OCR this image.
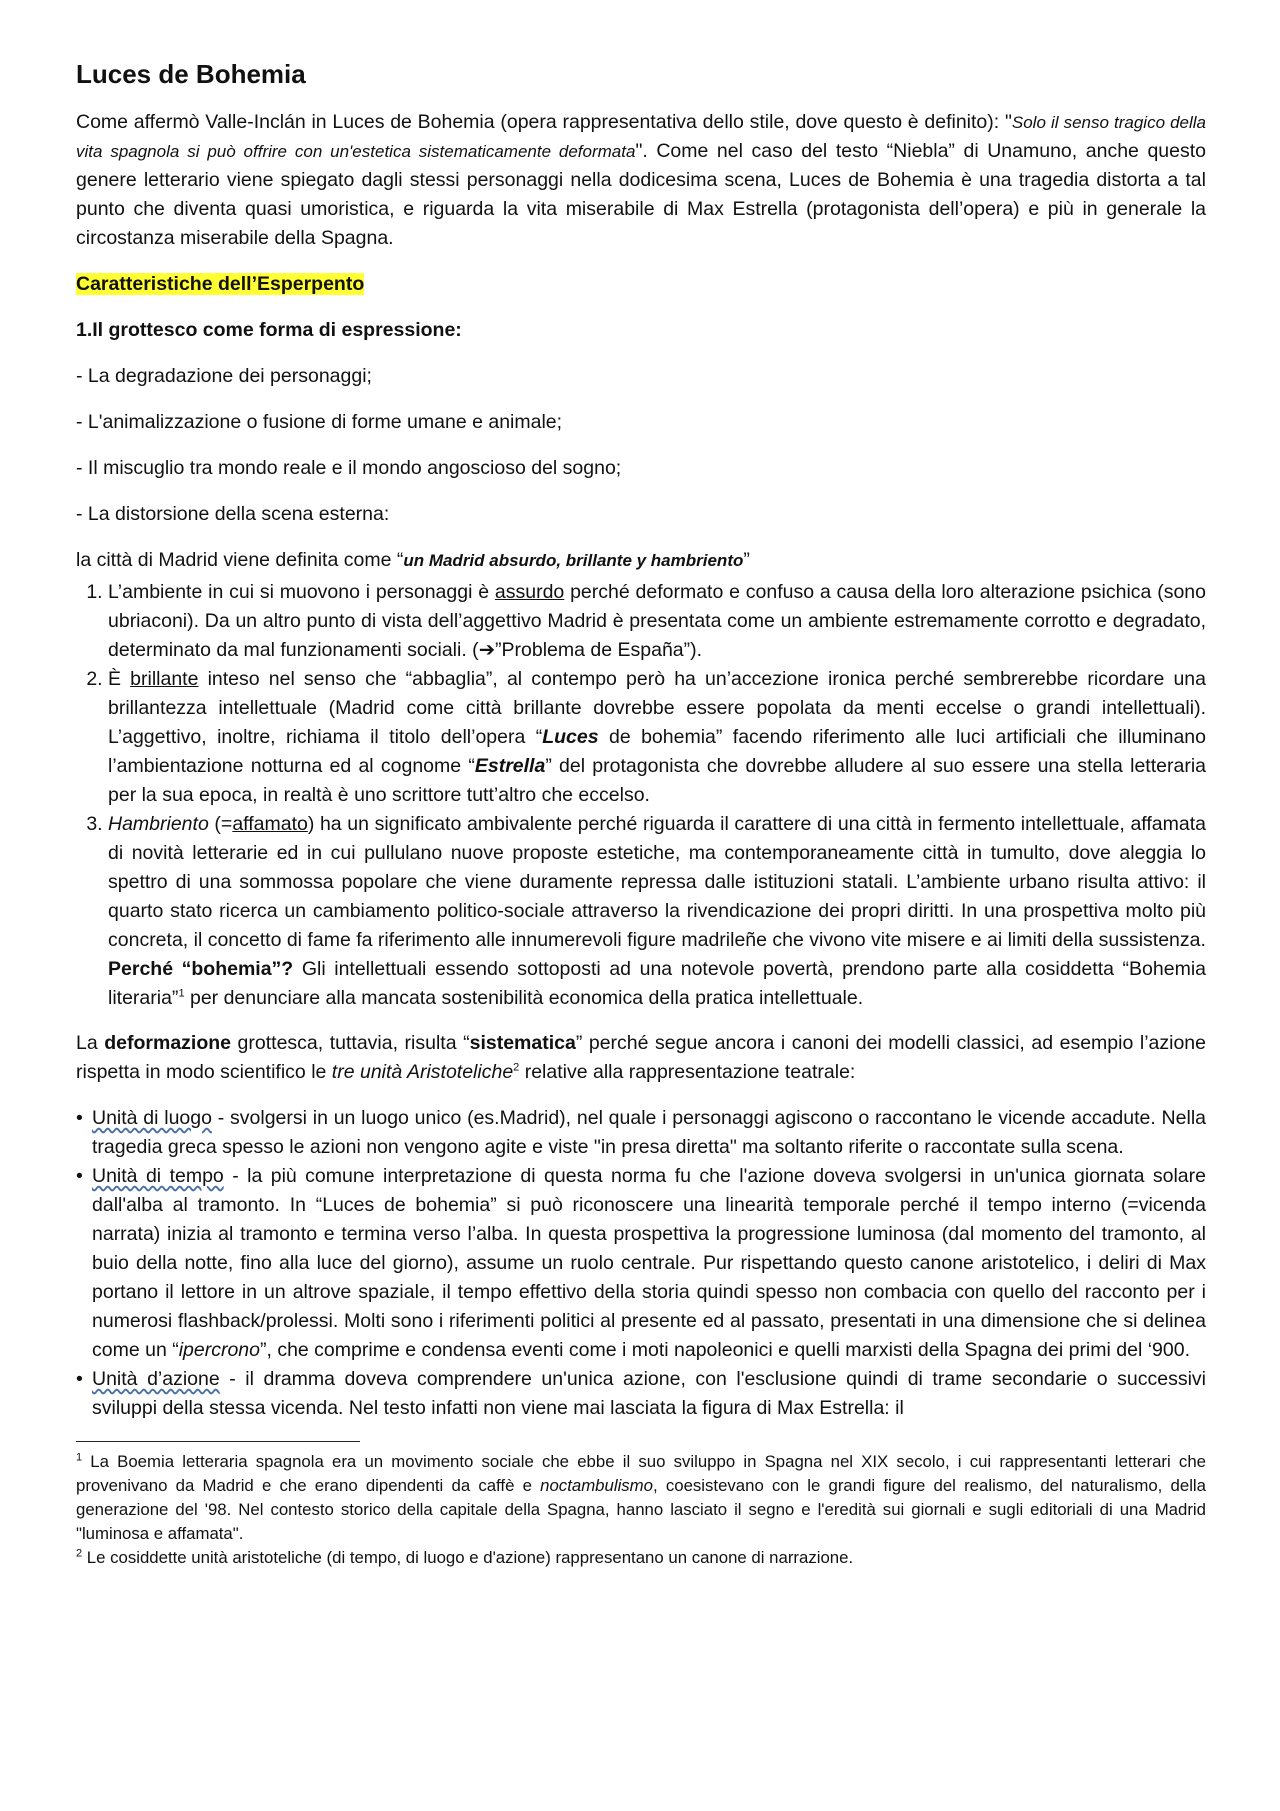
Luces de Bohemia

Come affermò Valle-Inclán in Luces de Bohemia (opera rappresentativa dello stile, dove questo è definito): "Solo il senso tragico della vita spagnola si può offrire con un'estetica sistematicamente deformata". Come nel caso del testo “Niebla” di Unamuno, anche questo genere letterario viene spiegato dagli stessi personaggi nella dodicesima scena, Luces de Bohemia è una tragedia distorta a tal punto che diventa quasi umoristica, e riguarda la vita miserabile di Max Estrella (protagonista dell’opera) e più in generale la circostanza miserabile della Spagna.

Caratteristiche dell’Esperpento

1.Il grottesco come forma di espressione:

- La degradazione dei personaggi;

- L'animalizzazione o fusione di forme umane e animale;

- Il miscuglio tra mondo reale e il mondo angoscioso del sogno;

- La distorsione della scena esterna:

la città di Madrid viene definita come “un Madrid absurdo, brillante y hambriento”

1. L’ambiente in cui si muovono i personaggi è assurdo perché deformato e confuso a causa della loro alterazione psichica (sono ubriaconi). Da un altro punto di vista dell’aggettivo Madrid è presentata come un ambiente estremamente corrotto e degradato, determinato da mal funzionamenti sociali. (➔”Problema de España”).
2. È brillante inteso nel senso che “abbaglia”, al contempo però ha un’accezione ironica perché sembrerebbe ricordare una brillantezza intellettuale (Madrid come città brillante dovrebbe essere popolata da menti eccelse o grandi intellettuali). L’aggettivo, inoltre, richiama il titolo dell’opera “Luces de bohemia” facendo riferimento alle luci artificiali che illuminano l’ambientazione notturna ed al cognome “Estrella” del protagonista che dovrebbe alludere al suo essere una stella letteraria per la sua epoca, in realtà è uno scrittore tutt’altro che eccelso.
3. Hambriento (=affamato) ha un significato ambivalente perché riguarda il carattere di una città in fermento intellettuale, affamata di novità letterarie ed in cui pullulano nuove proposte estetiche, ma contemporaneamente città in tumulto, dove aleggia lo spettro di una sommossa popolare che viene duramente repressa dalle istituzioni statali. L’ambiente urbano risulta attivo: il quarto stato ricerca un cambiamento politico-sociale attraverso la rivendicazione dei propri diritti. In una prospettiva molto più concreta, il concetto di fame fa riferimento alle innumerevoli figure madrileñe che vivono vite misere e ai limiti della sussistenza.
Perché “bohemia”? Gli intellettuali essendo sottoposti ad una notevole povertà, prendono parte alla cosiddetta “Bohemia literaria”$^1$ per denunciare alla mancata sostenibilità economica della pratica intellettuale.

La deformazione grottesca, tuttavia, risulta “sistematica” perché segue ancora i canoni dei modelli classici, ad esempio l’azione rispetta in modo scientifico le tre unità Aristoteliche$^2$ relative alla rappresentazione teatrale:

• Unità di luogo - svolgersi in un luogo unico (es.Madrid), nel quale i personaggi agiscono o raccontano le vicende accadute. Nella tragedia greca spesso le azioni non vengono agite e viste "in presa diretta" ma soltanto riferite o raccontate sulla scena.
• Unità di tempo - la più comune interpretazione di questa norma fu che l'azione doveva svolgersi in un'unica giornata solare dall'alba al tramonto. In “Luces de bohemia” si può riconoscere una linearità temporale perché il tempo interno (=vicenda narrata) inizia al tramonto e termina verso l’alba. In questa prospettiva la progressione luminosa (dal momento del tramonto, al buio della notte, fino alla luce del giorno), assume un ruolo centrale. Pur rispettando questo canone aristotelico, i deliri di Max portano il lettore in un altrove spaziale, il tempo effettivo della storia quindi spesso non combacia con quello del racconto per i numerosi flashback/prolessi. Molti sono i riferimenti politici al presente ed al passato, presentati in una dimensione che si delinea come un “ipercrono”, che comprime e condensa eventi come i moti napoleonici e quelli marxisti della Spagna dei primi del ‘900.
• Unità d’azione - il dramma doveva comprendere un'unica azione, con l'esclusione quindi di trame secondarie o successivi sviluppi della stessa vicenda. Nel testo infatti non viene mai lasciata la figura di Max Estrella: il

$^1$ La Boemia letteraria spagnola era un movimento sociale che ebbe il suo sviluppo in Spagna nel XIX secolo, i cui rappresentanti letterari che provenivano da Madrid e che erano dipendenti da caffè e noctambulismo, coesistevano con le grandi figure del realismo, del naturalismo, della generazione del '98. Nel contesto storico della capitale della Spagna, hanno lasciato il segno e l'eredità sui giornali e sugli editoriali di una Madrid "luminosa e affamata".

$^2$ Le cosiddette unità aristoteliche (di tempo, di luogo e d'azione) rappresentano un canone di narrazione.
